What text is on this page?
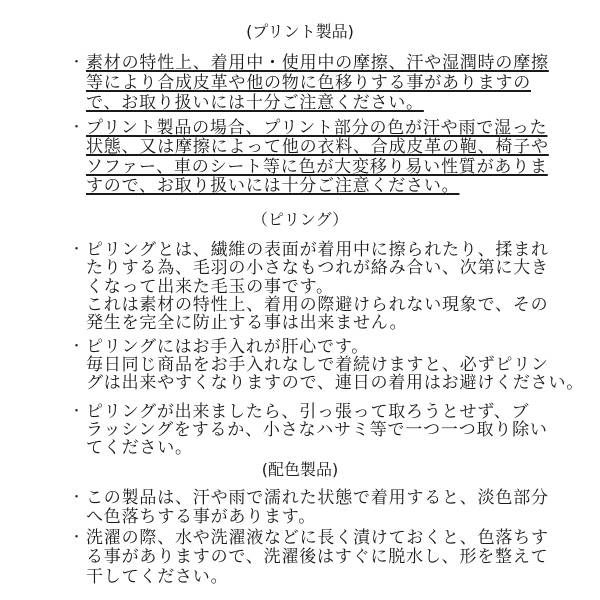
(プリント製品)
・ 素材の特性上、着用中・使用中の摩擦、汗や湿潤時の摩擦
等により合成皮革や他の物に色移りする事がありますの
で、お取り扱いには十分ご注意ください。
・ プリント製品の場合、プリント部分の色が汗や雨で湿った
状態、又は摩擦によって他の衣料、合成皮革の鞄、椅子や
ソファー、車のシート等に色が大変移り易い性質がありま
すので、お取り扱いには十分ご注意ください。
（ピリング）
・ ピリングとは、繊維の表面が着用中に擦られたり、揉まれ
たりする為、毛羽の小さなもつれが絡み合い、次第に大き
くなって出来た毛玉の事です。
これは素材の特性上、着用の際避けられない現象で、その
発生を完全に防止する事は出来ません。
・ ピリングにはお手入れが肝心です。
毎日同じ商品をお手入れなしで着続けますと、必ずピリン
グは出来やすくなりますので、連日の着用はお避けください。
・ ピリングが出来ましたら、引っ張って取ろうとせず、ブ
ラッシングをするか、小さなハサミ等で一つ一つ取り除い
てください。
(配色製品)
・ この製品は、汗や雨で濡れた状態で着用すると、淡色部分
へ色落ちする事があります。
・ 洗濯の際、水や洗濯液などに長く漬けておくと、色落ちす
る事がありますので、洗濯後はすぐに脱水し、形を整えて
干してください。
